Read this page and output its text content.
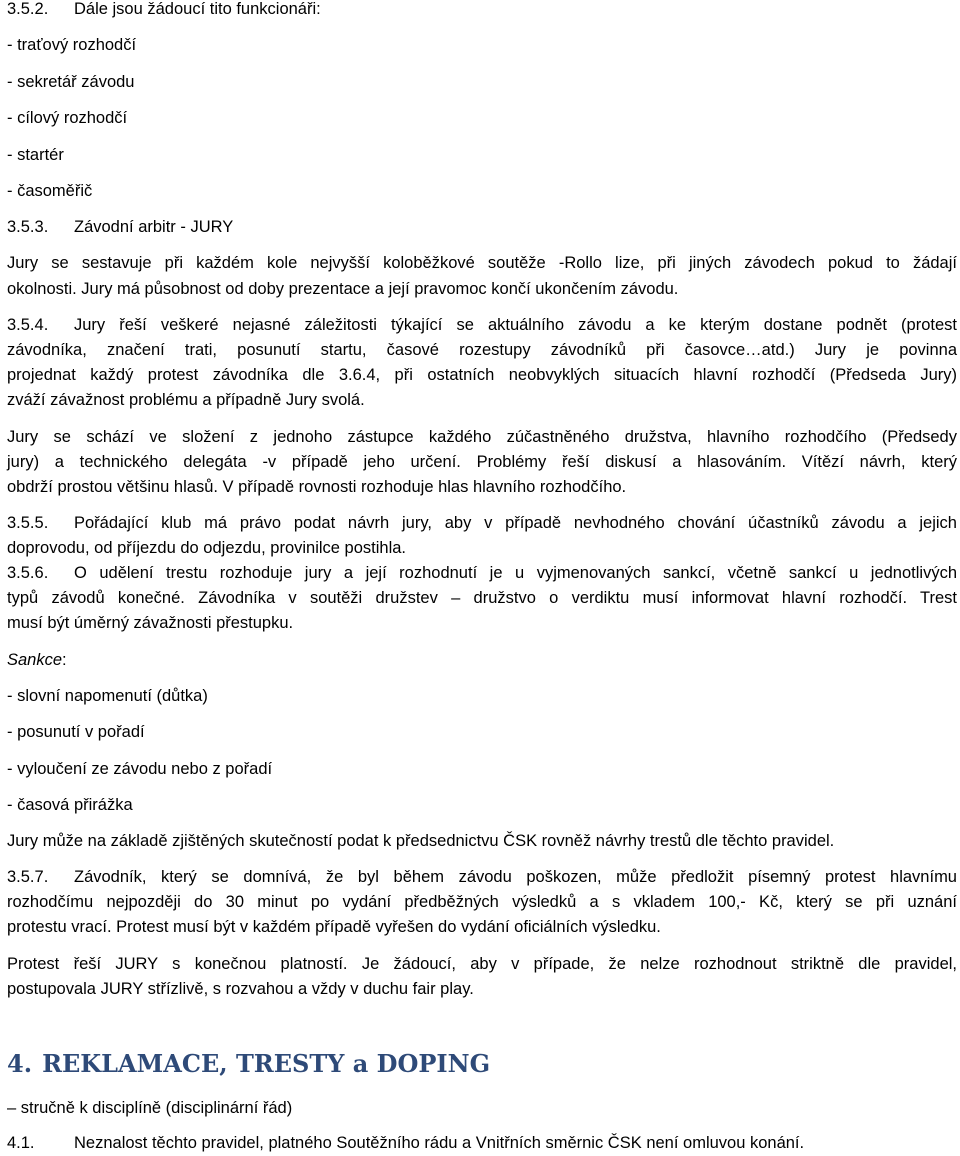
3.5.2. Dále jsou žádoucí tito funkcionáři:
- traťový rozhodčí
- sekretář závodu
- cílový rozhodčí
- startér
- časoměřič
3.5.3. Závodní arbitr - JURY
Jury se sestavuje při každém kole nejvyšší koloběžkové soutěže -Rollo lize, při jiných závodech pokud to žádají
okolnosti. Jury má působnost od doby prezentace a její pravomoc končí ukončením závodu.
3.5.4. Jury řeší veškeré nejasné záležitosti týkající se aktuálního závodu a ke kterým dostane podnět (protest
závodníka, značení trati, posunutí startu, časové rozestupy závodníků při časovce…atd.) Jury je povinna
projednat každý protest závodníka dle 3.6.4, při ostatních neobvyklých situacích hlavní rozhodčí (Předseda Jury)
zváží závažnost problému a případně Jury svolá.
Jury se schází ve složení z jednoho zástupce každého zúčastněného družstva, hlavního rozhodčího (Předsedy
jury) a technického delegáta -v případě jeho určení. Problémy řeší diskusí a hlasováním. Vítězí návrh, který
obdrží prostou většinu hlasů. V případě rovnosti rozhoduje hlas hlavního rozhodčího.
3.5.5. Pořádající klub má právo podat návrh jury, aby v případě nevhodného chování účastníků závodu a jejich
doprovodu, od příjezdu do odjezdu, provinilce postihla.
3.5.6. O udělení trestu rozhoduje jury a její rozhodnutí je u vyjmenovaných sankcí, včetně sankcí u jednotlivých
typů závodů konečné. Závodníka v soutěži družstev – družstvo o verdiktu musí informovat hlavní rozhodčí. Trest
musí být úměrný závažnosti přestupku.
Sankce:
- slovní napomenutí (důtka)
- posunutí v pořadí
- vyloučení ze závodu nebo z pořadí
- časová přirážka
Jury může na základě zjištěných skutečností podat k předsednictvu ČSK rovněž návrhy trestů dle těchto pravidel.
3.5.7. Závodník, který se domnívá, že byl během závodu poškozen, může předložit písemný protest hlavnímu
rozhodčímu nejpozději do 30 minut po vydání předběžných výsledků a s vkladem 100,- Kč, který se při uznání
protestu vrací. Protest musí být v každém případě vyřešen do vydání oficiálních výsledku.
Protest řeší JURY s konečnou platností. Je žádoucí, aby v případe, že nelze rozhodnout striktně dle pravidel,
postupovala JURY střízlivě, s rozvahou a vždy v duchu fair play.
4. REKLAMACE, TRESTY a DOPING
– stručně k disciplíně (disciplinární řád)
4.1. Neznalost těchto pravidel, platného Soutěžního rádu a Vnitřních směrnic ČSK není omluvou konání.
